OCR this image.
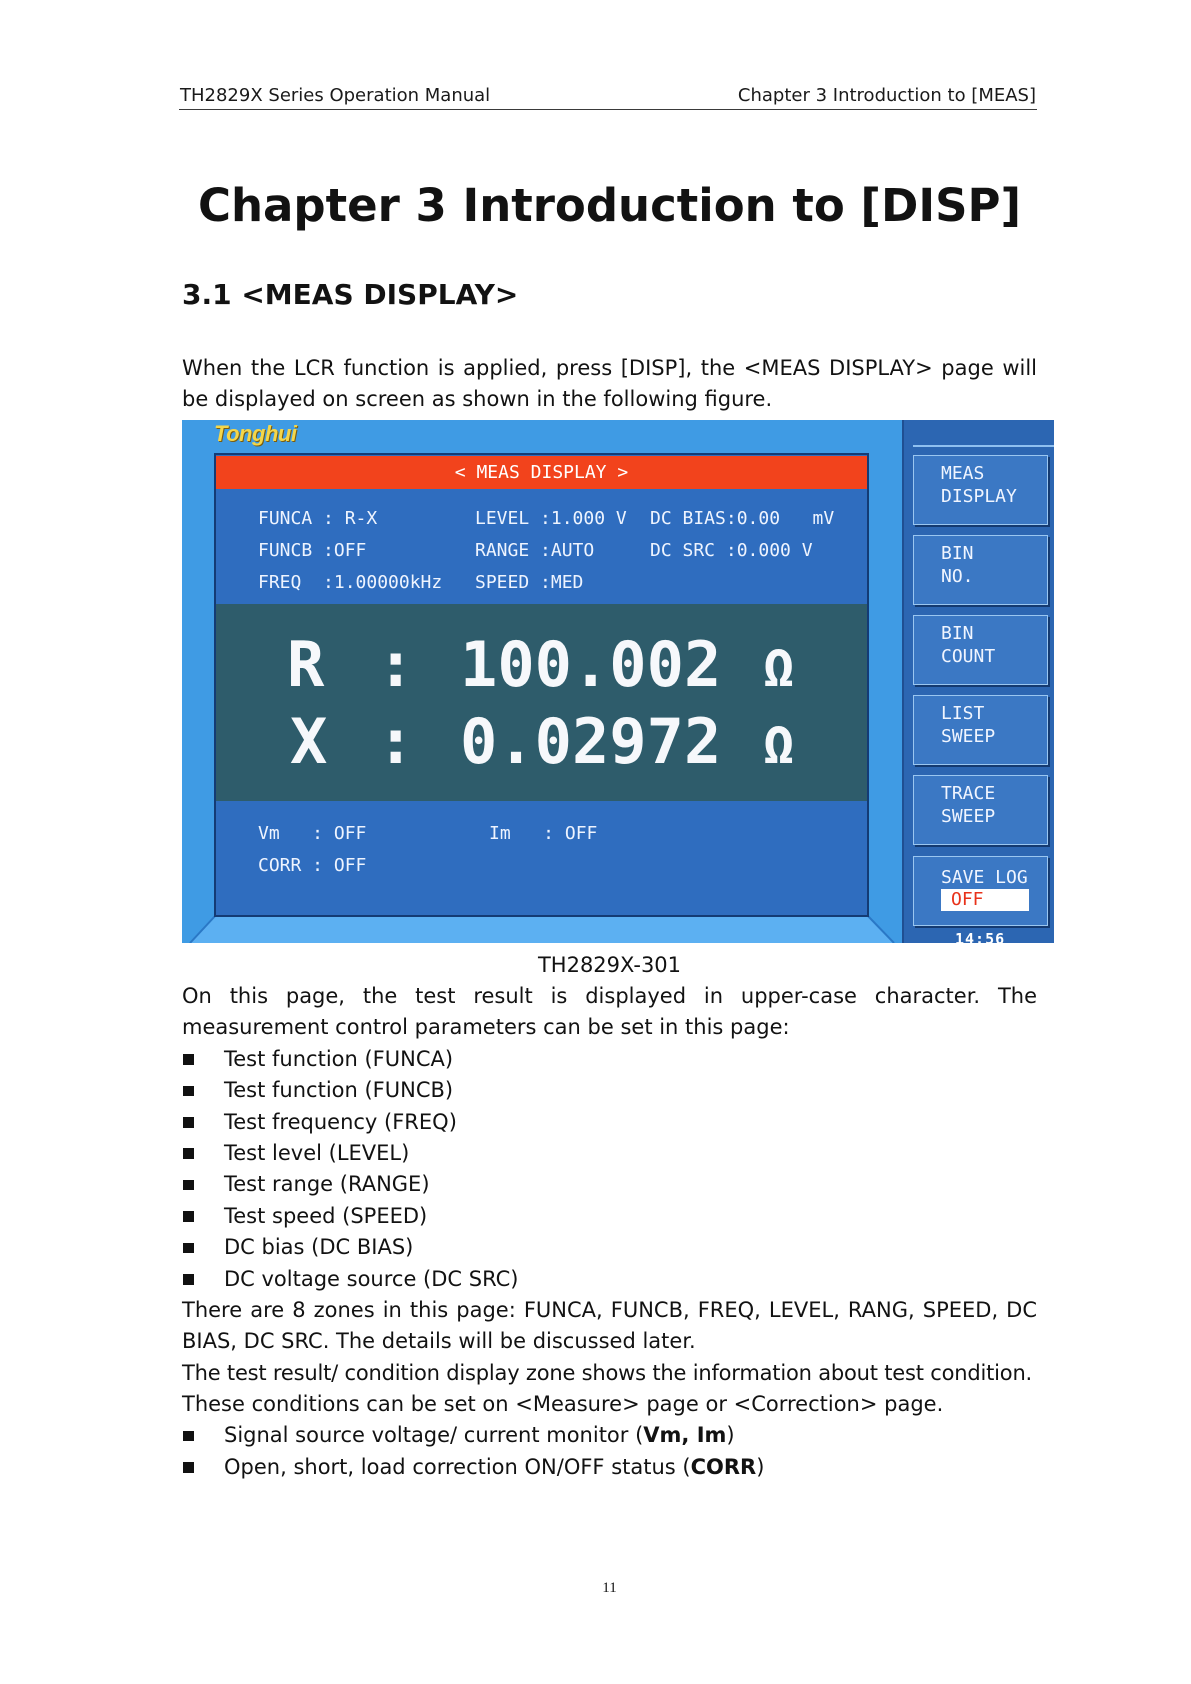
TH2829X Series Operation Manual	Chapter 3 Introduction to [MEAS]
Chapter 3 Introduction to [DISP]
3.1 <MEAS DISPLAY>
When the LCR function is applied, press [DISP], the <MEAS DISPLAY> page will
be displayed on screen as shown in the following figure.
Tonghui
< MEAS DISPLAY >
FUNCA : R-X
FUNCB :OFF
FREQ  :1.00000kHz
LEVEL :1.000 V
RANGE :AUTO
SPEED :MED
DC BIAS:0.00   mV
DC SRC :0.000 V
R : 100.002 Ω
X : 0.02972 Ω
Vm   : OFF	Im   : OFF
CORR : OFF
MEAS
DISPLAY
BIN
NO.
BIN
COUNT
LIST
SWEEP
TRACE
SWEEP
SAVE LOG
OFF
14:56
TH2829X-301
On this page, the test result is displayed in upper-case character. The
measurement control parameters can be set in this page:
Test function (FUNCA)
Test function (FUNCB)
Test frequency (FREQ)
Test level (LEVEL)
Test range (RANGE)
Test speed (SPEED)
DC bias (DC BIAS)
DC voltage source (DC SRC)
There are 8 zones in this page: FUNCA, FUNCB, FREQ, LEVEL, RANG, SPEED, DC
BIAS, DC SRC. The details will be discussed later.
The test result/ condition display zone shows the information about test condition.
These conditions can be set on <Measure> page or <Correction> page.
Signal source voltage/ current monitor (Vm, Im)
Open, short, load correction ON/OFF status (CORR)
11
